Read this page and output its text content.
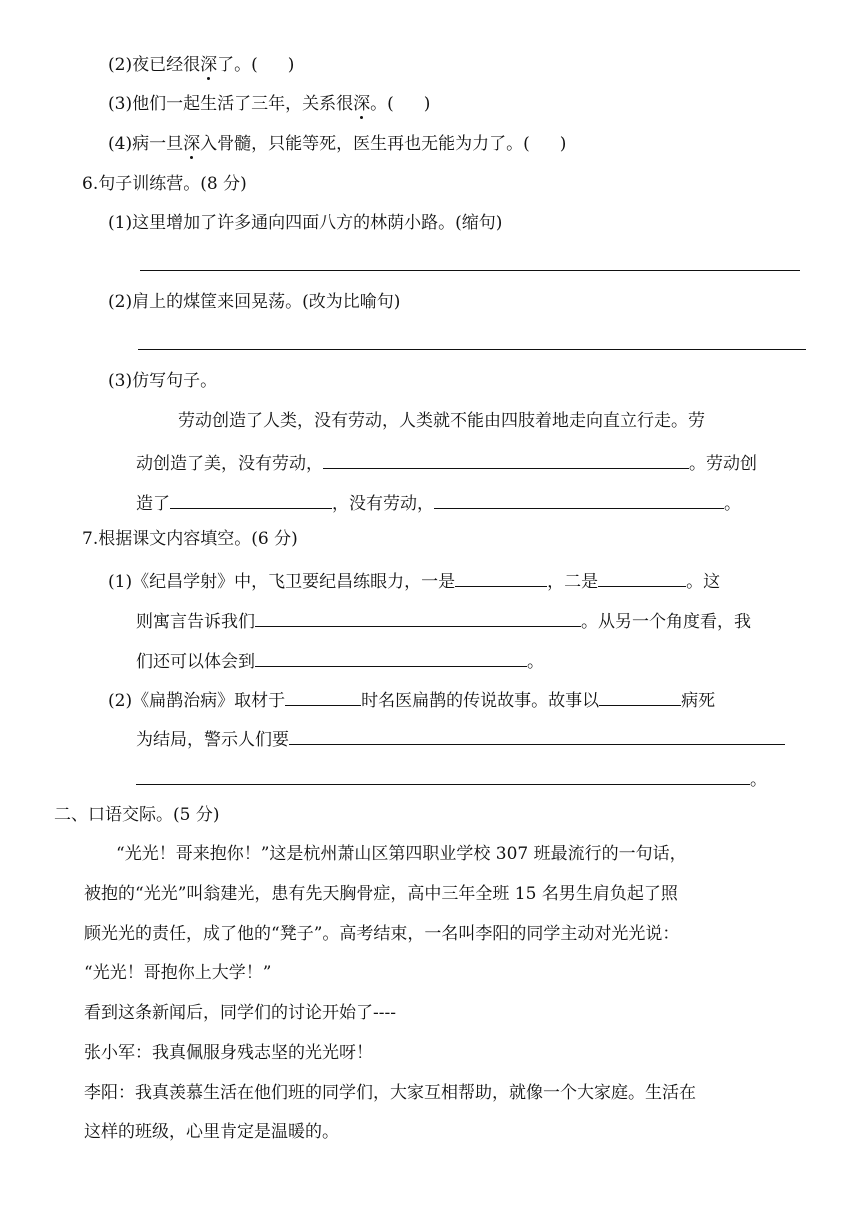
(2)夜已经很深了。( )
(3)他们一起生活了三年，关系很深。( )
(4)病一旦深入骨髓，只能等死，医生再也无能为力了。( )
6.句子训练营。(8 分)
(1)这里增加了许多通向四面八方的林荫小路。(缩句)
(2)肩上的煤筐来回晃荡。(改为比喻句)
(3)仿写句子。
劳动创造了人类，没有劳动，人类就不能由四肢着地走向直立行走。劳
动创造了美，没有劳动，	。劳动创
造了	，没有劳动，	。
7.根据课文内容填空。(6 分)
(1)《纪昌学射》中，飞卫要纪昌练眼力，一是	，二是	。这
则寓言告诉我们	。从另一个角度看，我
们还可以体会到	。
(2)《扁鹊治病》取材于	时名医扁鹊的传说故事。故事以	病死
为结局，警示人们要
。
二、口语交际。(5 分)
“光光！哥来抱你！”这是杭州萧山区第四职业学校 307 班最流行的一句话，
被抱的“光光”叫翁建光，患有先天胸骨症，高中三年全班 15 名男生肩负起了照
顾光光的责任，成了他的“凳子”。高考结束，一名叫李阳的同学主动对光光说：
“光光！哥抱你上大学！”
看到这条新闻后，同学们的讨论开始了----
张小军：我真佩服身残志坚的光光呀！
李阳：我真羡慕生活在他们班的同学们，大家互相帮助，就像一个大家庭。生活在
这样的班级，心里肯定是温暖的。
